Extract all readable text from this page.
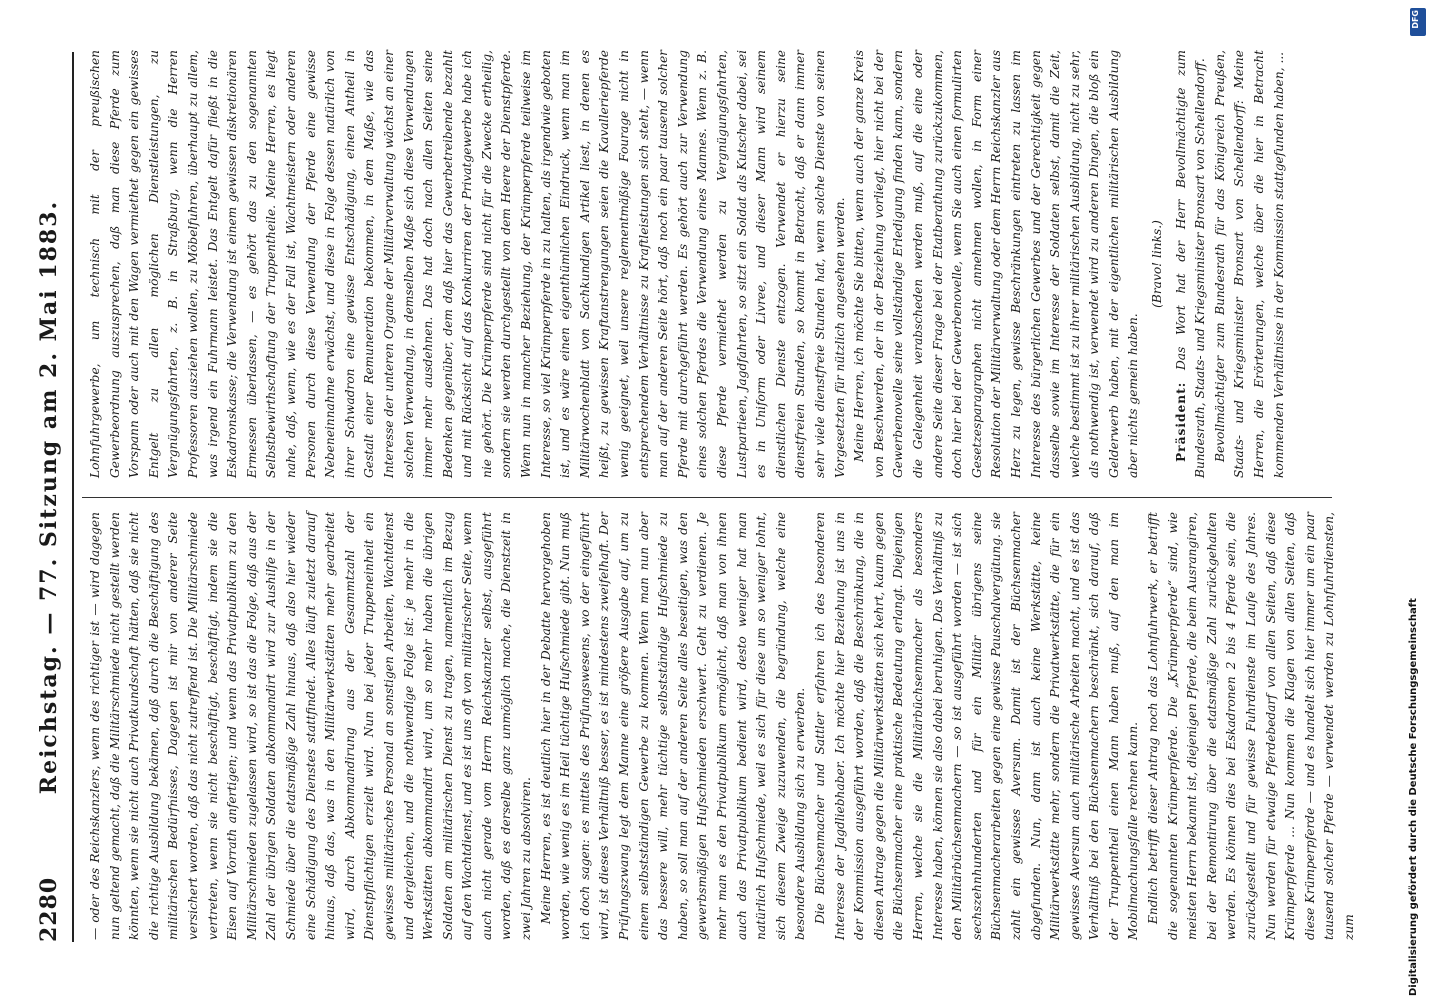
2280
Reichstag. — 77. Sitzung am 2. Mai 1883. — oder des Reichskanzlers, wenn des richtiger ist — wird dagegen nun geltend gemacht, daß die Militärschmiede nicht gestellt werden könnten, wenn sie nicht auch Privatkundschaft hätten, daß sie nicht die richtige Ausbildung bekämen, daß durch die Beschäftigung des militärischen Bedürfnisses, Dagegen ist mir von anderer Seite versichert worden, daß das nicht zutreffend ist. Die Militärschmiede vertreten, wenn sie nicht beschäftigt, beschäftigt, indem sie die Eisen auf Vorrath anfertigen; und wenn das Privatpublikum zu den Militärschmieden zugelassen wird, so ist das die Folge, daß aus der Zahl der übrigen Soldaten abkommandirt wird zur Aushilfe in der Schmiede über die etatsmäßige Zahl hinaus, daß also hier wieder eine Schädigung des Dienstes stattfindet. Alles läuft zuletzt darauf hinaus, daß das, was in den Militärwerkstätten mehr gearbeitet wird, durch Abkommandirung aus der Gesammtzahl der Dienstpflichtigen erzielt wird. Nun bei jeder Truppeneinheit ein gewisses militärisches Personal an sonstigen Arbeiten, Wachtdienst und dergleichen, und die nothwendige Folge ist: je mehr in die Werkstätten abkommandirt wird, um so mehr haben die übrigen Soldaten am militärischen Dienst zu tragen, namentlich im Bezug auf den Wachtdienst, und es ist uns oft von militärischer Seite, wenn auch nicht gerade vom Herrn Reichskanzler selbst, ausgeführt worden, daß es derselbe ganz unmöglich mache, die Dienstzeit in zwei Jahren zu absolviren. Meine Herren, es ist deutlich hier in der Debatte hervorgehoben worden, wie wenig es im Heil tüchtige Hufschmiede gibt. Nun muß ich doch sagen: es mittels des Prüfungswesens, wo der eingeführt wird, ist dieses Verhältniß besser, es ist mindestens zweifelhaft. Der Prüfungszwang legt dem Manne eine größere Ausgabe auf, um zu einem selbstständigen Gewerbe zu kommen. Wenn man nun aber das bessere will, mehr tüchtige selbstständige Hufschmiede zu haben, so soll man auf der anderen Seite alles beseitigen, was den gewerbsmäßigen Hufschmieden erschwert. Geht zu verdienen. Je mehr man es den Privatpublikum ermöglicht, daß man von ihnen auch das Privatpublikum bedient wird, desto weniger hat man natürlich Hufschmiede, weil es sich für diese um so weniger lohnt, sich diesem Zweige zuzuwenden, die begründung, welche eine besondere Ausbildung sich zu erwerben. Die Büchsenmacher und Sattler erfahren ich des besonderen Interesse der Jagdliebhaber. Ich möchte hier Beziehung ist uns in der Kommission ausgeführt worden, daß die Beschränkung, die in diesen Antrage gegen die Militärwerkstätten sich kehrt, kaum gegen die Büchsenmacher eine praktische Bedeutung erlangt. Diejenigen Herren, welche sie die Militärbüchsenmacher als besonders Interesse haben, können sie also dabei beruhigen. Das Verhältniß zu den Militärbüchsenmachern — so ist ausgeführt worden — ist sich sechszehnhunderten und für ein Militär übrigens seine Büchsenmacherarbeiten gegen eine gewisse Pauschalvergütung. sie zahlt ein gewisses Aversum. Damit ist der Büchsenmacher abgefunden. Nun, dann ist auch keine Werkstätte, keine Militärwerkstätte mehr, sondern die Privatwerkstätte, die für ein gewisses Aversum auch militärische Arbeiten macht, und es ist das Verhältniß bei den Büchsenmachern beschränkt, sich darauf, daß der Truppentheil einen Mann haben muß, auf den man im Mobilmachungsfalle rechnen kann. Endlich betrifft dieser Antrag noch das Lohnfuhrwerk, er betrifft die sogenannten Krümperpferde. Die „Krümperpferde“ sind, wie meisten Herrn bekannt ist, diejenigen Pferde, die beim Ausrangiren, bei der Remontirung über die etatsmäßige Zahl zurückgehalten werden. Es können dies bei Eskadronen 2 bis 4 Pferde sein, die zurückgestellt und für gewisse Fuhrdienste im Laufe des Jahres. Nun werden für etwaige Pferdebedarf von allen Seiten, daß diese Krümperpferde ... Nun kommen die Klagen von allen Seiten, daß diese Krümperpferde — und es handelt sich hier immer um ein paar tausend solcher Pferde — verwendet werden zu Lohnfuhrdiensten, zum

Lohnfuhrgewerbe, um technisch mit der preußischen Gewerbeordnung auszusprechen, daß man diese Pferde zum Vorspann oder auch mit den Wagen vermiethet gegen ein gewisses Entgelt zu allen möglichen Dienstleistungen, zu Vergnügungsfahrten, z. B. in Straßburg, wenn die Herren Professoren ausziehen wollen, zu Möbelfuhren, überhaupt zu allem, was irgend ein Fuhrmann leistet. Das Entgelt dafür fließt in die Eskadronskasse; die Verwendung ist einem gewissen diskretionären Ermessen überlassen, — es gehört das zu den sogenannten Selbstbewirthschaftung der Truppentheile. Meine Herren, es liegt nahe, daß, wenn, wie es der Fall ist, Wachtmeistern oder anderen Personen durch diese Verwendung der Pferde eine gewisse Nebeneinnahme erwächst, und diese in Folge dessen natürlich von ihrer Schwadron eine gewisse Entschädigung, einen Antheil in Gestalt einer Remuneration bekommen, in dem Maße, wie das Interesse der unteren Organe der Militärverwaltung wächst an einer solchen Verwendung, in demselben Maße sich diese Verwendungen immer mehr ausdehnen. Das hat doch nach allen Seiten seine Bedenken gegenüber, dem daß hier das Gewerbetreibende bezahlt und mit Rücksicht auf das Konkurriren der Privatgewerbe habe ich nie gehört. Die Krümperpferde sind nicht für die Zwecke ertheilig, sondern sie werden durchgestellt von dem Heere der Dienstpferde. Wenn nun in mancher Beziehung, der Krümperpferde teilweise im Interesse, so viel Krümperpferde in zu halten, als irgendwie geboten ist, und es wäre einen eigenthümlichen Eindruck, wenn man im Militärwochenblatt von Sachkundigen Artikel liest, in denen es heißt, zu gewissen Kraftanstrengungen seien die Kavalleriepferde wenig geeignet, weil unsere reglementmäßige Fourage nicht in entsprechendem Verhältnisse zu Kraftleistungen sich steht, — wenn man auf der anderen Seite hört, daß noch ein paar tausend solcher Pferde mit durchgeführt werden. Es gehört auch zur Verwendung eines solchen Pferdes die Verwendung eines Mannes. Wenn z. B. diese Pferde vermiethet werden zu Vergnügungsfahrten, Lustpartieen, Jagdfahrten, so sitzt ein Soldat als Kutscher dabei, sei es in Uniform oder Livree, und dieser Mann wird seinem dienstlichen Dienste entzogen. Verwendet er hierzu seine dienstfreien Stunden, so kommt in Betracht, daß er dann immer sehr viele dienstfreie Stunden hat, wenn solche Dienste von seinen Vorgesetzten für nützlich angesehen werden. Meine Herren, ich möchte Sie bitten, wenn auch der ganze Kreis von Beschwerden, der in der Beziehung vorliegt, hier nicht bei der Gewerbenovelle seine vollständige Erledigung finden kann, sondern die Gelegenheit verabscheden werden muß, auf die eine oder andere Seite dieser Frage bei der Etatberathung zurückzukommen, doch hier bei der Gewerbenovelle, wenn Sie auch einen formulirten Gesetzesparagraphen nicht annehmen wollen, in Form einer Resolution der Militärverwaltung oder dem Herrn Reichskanzler aus Herz zu legen, gewisse Beschränkungen eintreten zu lassen im Interesse des bürgerlichen Gewerbes und der Gerechtigkeit gegen dasselbe sowie im Interesse der Soldaten selbst, damit die Zeit, welche bestimmt ist zu ihrer militärischen Ausbildung, nicht zu sehr, als nothwendig ist, verwendet wird zu anderen Dingen, die bloß ein Gelderwerb haben, mit der eigentlichen militärischen Ausbildung aber nichts gemein haben.

(Bravo! links.)

Präsident: Das Wort hat der Herr Bevollmächtigte zum Bundesrath, Staats- und Kriegsminister Bronsart von Schellendorff. Bevollmächtigter zum Bundesrath für das Königreich Preußen, Staats- und Kriegsminister Bronsart von Schellendorff: Meine Herren, die Erörterungen, welche über die hier in Betracht kommenden Verhältnisse in der Kommission stattgefunden haben, ...

Digitalisierung gefördert durch die Deutsche Forschungsgemeinschaft
DFG
